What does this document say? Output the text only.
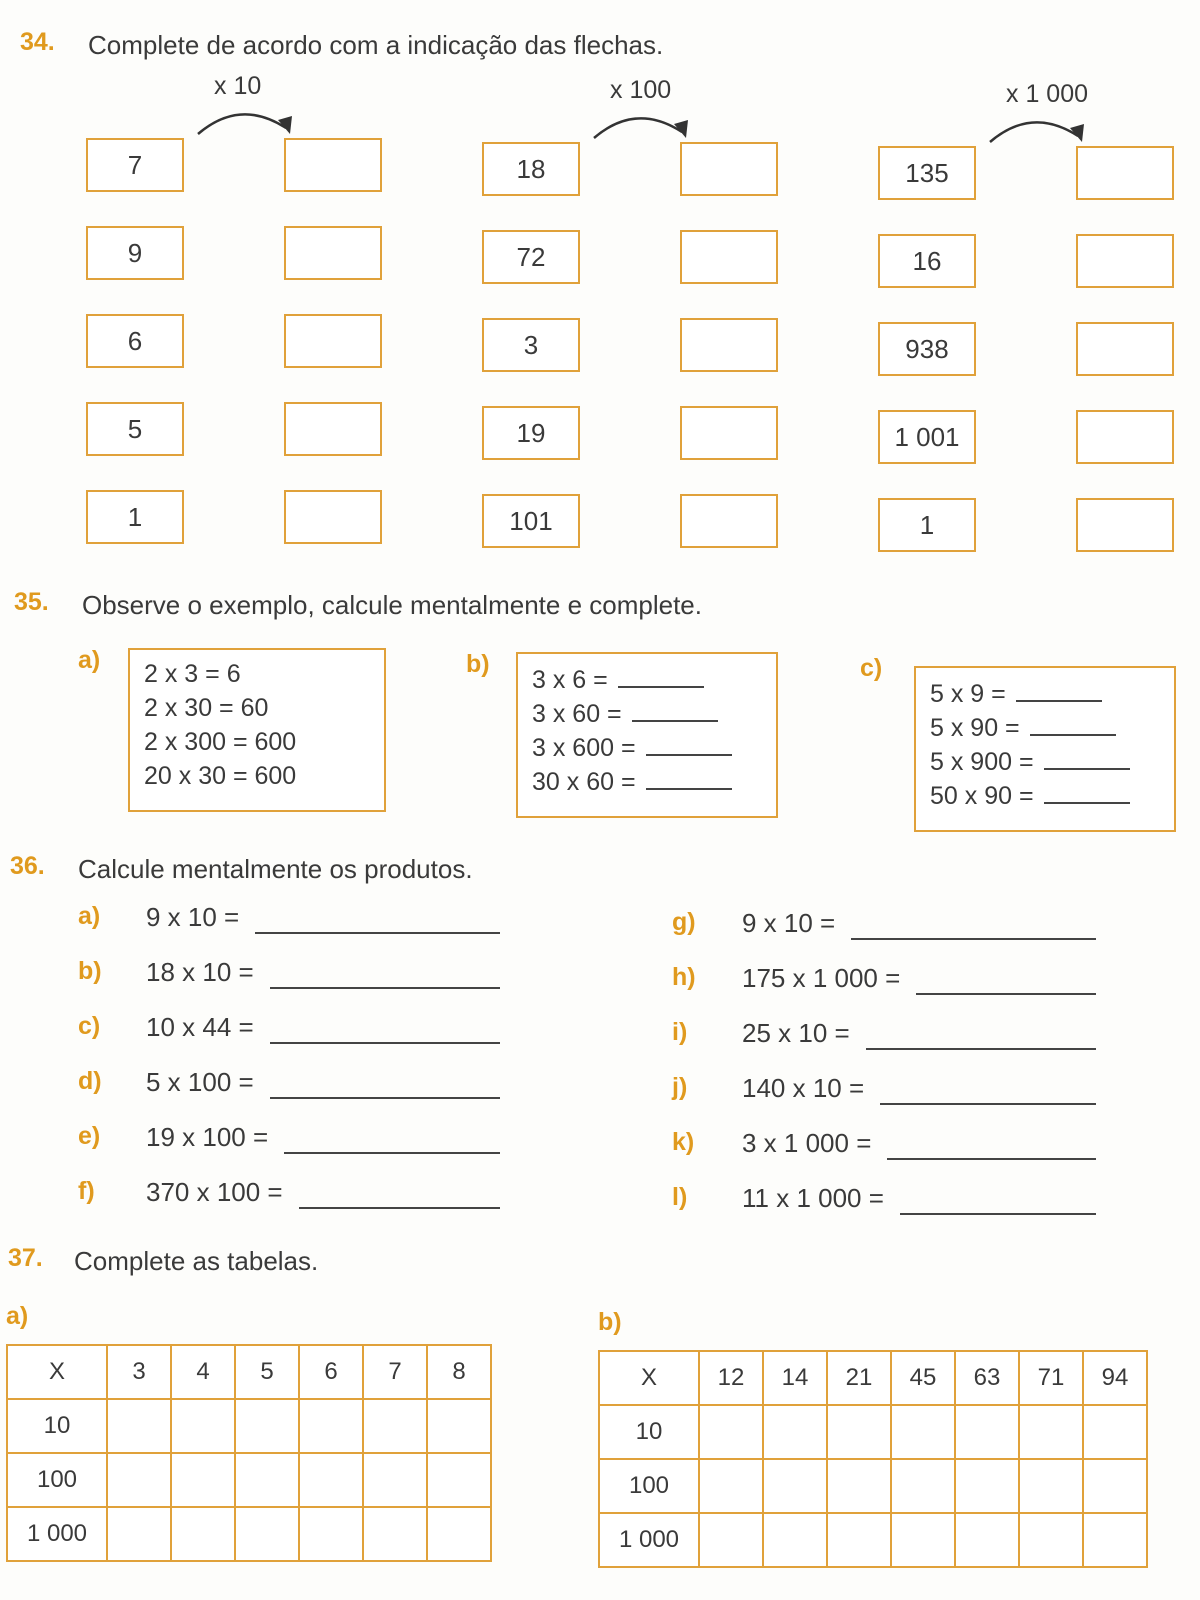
34. Complete de acordo com a indicação das flechas.
x 10
7
9
6
5
1
x 100
18
72
3
19
101
x 1 000
135
16
938
1 001
1
35. Observe o exemplo, calcule mentalmente e complete.
a) 2 x 3 = 6
2 x 30 = 60
2 x 300 = 600
20 x 30 = 600
b)
3 x 6 =
3 x 60 =
3 x 600 =
30 x 60 =
c)
5 x 9 =
5 x 90 =
5 x 900 =
50 x 90 =
36. Calcule mentalmente os produtos.
a) 9 x 10 =
b) 18 x 10 =
c) 10 x 44 =
d) 5 x 100 =
e) 19 x 100 =
f) 370 x 100 =
g) 9 x 10 =
h) 175 x 1 000 =
i) 25 x 10 =
j) 140 x 10 =
k) 3 x 1 000 =
l) 11 x 1 000 =
37. Complete as tabelas.
a)
X	3	4	5	6	7	8
10						
100						
1 000						
b)
X	12	14	21	45	63	71	94
10							
100							
1 000							
